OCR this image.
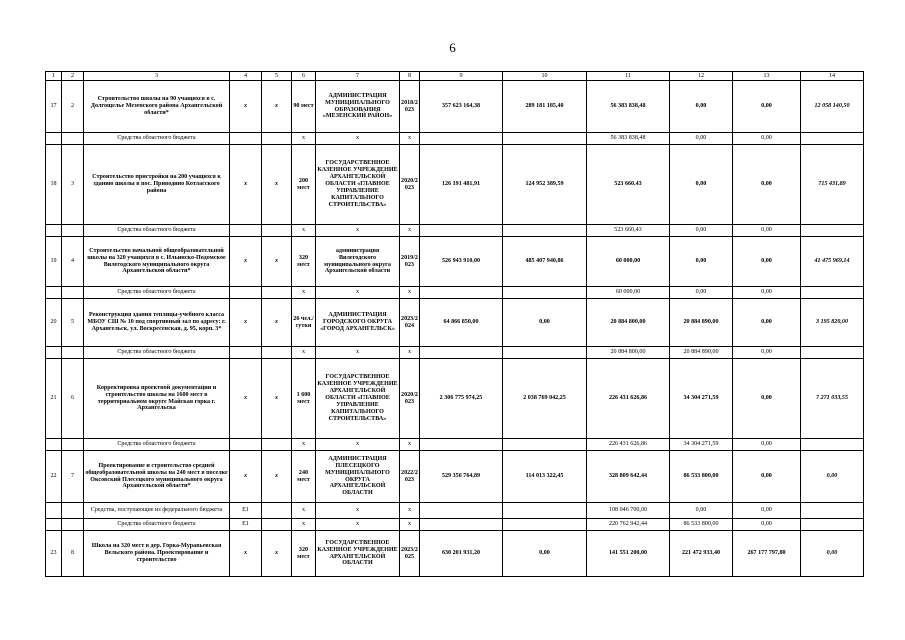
6
1	2	3	4	5	6	7	8	9	10	11	12	13	14
17	2	Строительство школы на 90 учащихся в с. Долгощелье Мезенского района Архангельской области*	х	х	90 мест	АДМИНИСТРАЦИЯ МУНИЦИПАЛЬНОГО ОБРАЗОВАНИЯ «МЕЗЕНСКИЙ РАЙОН»	2018/2023	357 623 164,38	289 181 185,40	56 383 838,48	0,00	0,00	12 058 140,50
		Средства областного бюджета			х	х	х			56 383 838,48	0,00	0,00	
18	3	Строительство пристройки на 200 учащихся к зданию школы в пос. Приводино Котласского района	х	х	200 мест	ГОСУДАРСТВЕННОЕ КАЗЕННОЕ УЧРЕЖДЕНИЕ АРХАНГЕЛЬСКОЙ ОБЛАСТИ «ГЛАВНОЕ УПРАВЛЕНИЕ КАПИТАЛЬНОГО СТРОИТЕЛЬСТВА»	2020/2023	126 191 481,91	124 952 389,59	523 660,43	0,00	0,00	715 431,89
		Средства областного бюджета			х	х	х			523 660,43	0,00	0,00	
19	4	Строительство начальной общеобразовательной школы на 320 учащихся в с. Ильинско-Подомское Вилегодского муниципального округа Архангельской области*	х	х	320 мест	администрация Вилегодского муниципального округа Архангельской области	2019/2023	526 943 910,00	485 407 940,86	60 000,00	0,00	0,00	41 475 969,14
		Средства областного бюджета			х	х	х			60 000,00	0,00	0,00	
20	5	Реконструкция здания теплицы-учебного класса МБОУ СШ № 10 под спортивный зал по адресу: г. Архангельск, ул. Воскресенская, д. 95, корп. 3*	х	х	26 чел./сутки	АДМИНИСТРАЦИЯ ГОРОДСКОГО ОКРУГА «ГОРОД АРХАНГЕЛЬСК»	2023/2024	64 866 850,00	0,00	20 884 800,00	20 884 890,00	0,00	3 195 820,00
		Средства областного бюджета			х	х	х			20 884 800,00	20 884 890,00	0,00	
21	6	Корректировка проектной документации и строительство школы на 1600 мест в территориальном округе Майская горка г. Архангельска	х	х	1 600 мест	ГОСУДАРСТВЕННОЕ КАЗЕННОЕ УЧРЕЖДЕНИЕ АРХАНГЕЛЬСКОЙ ОБЛАСТИ «ГЛАВНОЕ УПРАВЛЕНИЕ КАПИТАЛЬНОГО СТРОИТЕЛЬСТВА»	2020/2023	2 306 775 974,25	2 038 769 042,25	226 431 626,86	34 304 271,59	0,00	7 271 033,55
		Средства областного бюджета			х	х	х			226 431 626,86	34 304 271,59	0,00	
22	7	Проектирование и строительство средней общеобразовательной школы на 240 мест в поселке Оксовский Плесецкого муниципального округа Архангельской области*	х	х	240 мест	АДМИНИСТРАЦИЯ ПЛЕСЕЦКОГО МУНИЦИПАЛЬНОГО ОКРУГА АРХАНГЕЛЬСКОЙ ОБЛАСТИ	2022/2023	529 356 764,89	114 013 322,45	328 809 642,44	86 533 800,00	0,00	0,00
		Средства, поступающие из федерального бюджета	Е1		х	х	х			108 046 700,00	0,00	0,00	
		Средства областного бюджета	Е1		х	х	х			220 762 942,44	86 533 800,00	0,00	
23	8	Школа на 320 мест в дер. Горка-Муравьевская Вельского района. Проектирование и строительство	х	х	320 мест	ГОСУДАРСТВЕННОЕ КАЗЕННОЕ УЧРЕЖДЕНИЕ АРХАНГЕЛЬСКОЙ ОБЛАСТИ	2023/2025	630 201 931,20	0,00	141 551 200,00	221 472 933,40	267 177 797,80	0,00
